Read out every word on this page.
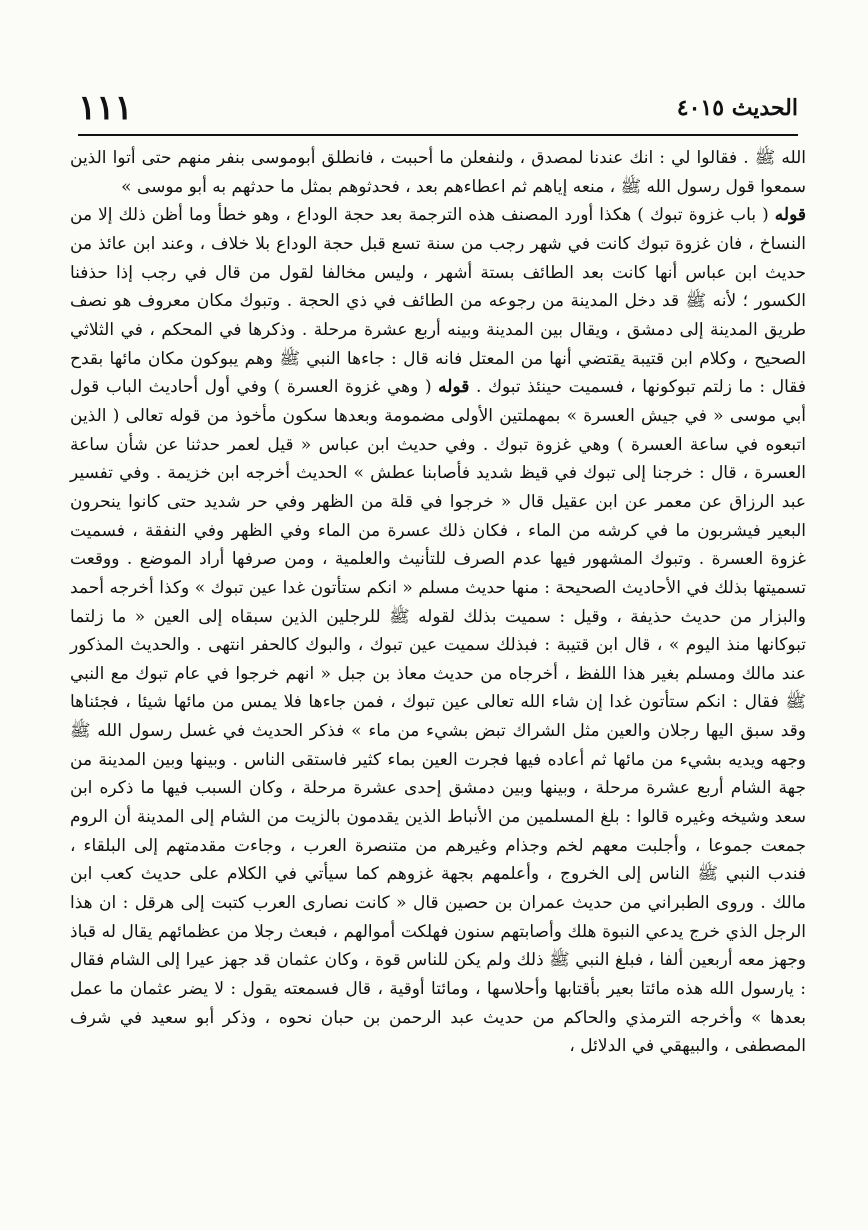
الحديث ٤٠١٥
١١١

الله ﷺ . فقالوا لي : انك عندنا لمصدق ، ولنفعلن ما أحببت ، فانطلق أبوموسى بنفر منهم حتى أتوا الذين سمعوا قول رسول الله ﷺ ، منعه إياهم ثم اعطاءهم بعد ، فحدثوهم بمثل ما حدثهم به أبو موسى »

قوله ( باب غزوة تبوك ) هكذا أورد المصنف هذه الترجمة بعد حجة الوداع ، وهو خطأ وما أظن ذلك إلا من النساخ ، فان غزوة تبوك كانت في شهر رجب من سنة تسع قبل حجة الوداع بلا خلاف ، وعند ابن عائذ من حديث ابن عباس أنها كانت بعد الطائف بستة أشهر ، وليس مخالفا لقول من قال في رجب إذا حذفنا الكسور ؛ لأنه ﷺ قد دخل المدينة من رجوعه من الطائف في ذي الحجة . وتبوك مكان معروف هو نصف طريق المدينة إلى دمشق ، ويقال بين المدينة وبينه أربع عشرة مرحلة . وذكرها في المحكم ، في الثلاثي الصحيح ، وكلام ابن قتيبة يقتضي أنها من المعتل فانه قال : جاءها النبي ﷺ وهم يبوكون مكان مائها بقدح فقال : ما زلتم تبوكونها ، فسميت حينئذ تبوك . قوله ( وهي غزوة العسرة ) وفي أول أحاديث الباب قول أبي موسى « في جيش العسرة » بمهملتين الأولى مضمومة وبعدها سكون مأخوذ من قوله تعالى ( الذين اتبعوه في ساعة العسرة ) وهي غزوة تبوك . وفي حديث ابن عباس « قيل لعمر حدثنا عن شأن ساعة العسرة ، قال : خرجنا إلى تبوك في قيظ شديد فأصابنا عطش » الحديث أخرجه ابن خزيمة . وفي تفسير عبد الرزاق عن معمر عن ابن عقيل قال « خرجوا في قلة من الظهر وفي حر شديد حتى كانوا ينحرون البعير فيشربون ما في كرشه من الماء ، فكان ذلك عسرة من الماء وفي الظهر وفي النفقة ، فسميت غزوة العسرة . وتبوك المشهور فيها عدم الصرف للتأنيث والعلمية ، ومن صرفها أراد الموضع . ووقعت تسميتها بذلك في الأحاديث الصحيحة : منها حديث مسلم « انكم ستأتون غدا عين تبوك » وكذا أخرجه أحمد والبزار من حديث حذيفة ، وقيل : سميت بذلك لقوله ﷺ للرجلين الذين سبقاه إلى العين « ما زلتما تبوكانها منذ اليوم » ، قال ابن قتيبة : فبذلك سميت عين تبوك ، والبوك كالحفر انتهى . والحديث المذكور عند مالك ومسلم بغير هذا اللفظ ، أخرجاه من حديث معاذ بن جبل « انهم خرجوا في عام تبوك مع النبي ﷺ فقال : انكم ستأتون غدا إن شاء الله تعالى عين تبوك ، فمن جاءها فلا يمس من مائها شيئا ، فجئناها وقد سبق اليها رجلان والعين مثل الشراك تبض بشيء من ماء » فذكر الحديث في غسل رسول الله ﷺ وجهه ويديه بشيء من مائها ثم أعاده فيها فجرت العين بماء كثير فاستقى الناس . وبينها وبين المدينة من جهة الشام أربع عشرة مرحلة ، وبينها وبين دمشق إحدى عشرة مرحلة ، وكان السبب فيها ما ذكره ابن سعد وشيخه وغيره قالوا : بلغ المسلمين من الأنباط الذين يقدمون بالزيت من الشام إلى المدينة أن الروم جمعت جموعا ، وأجلبت معهم لخم وجذام وغيرهم من متنصرة العرب ، وجاءت مقدمتهم إلى البلقاء ، فندب النبي ﷺ الناس إلى الخروج ، وأعلمهم بجهة غزوهم كما سيأتي في الكلام على حديث كعب ابن مالك . وروى الطبراني من حديث عمران بن حصين قال « كانت نصارى العرب كتبت إلى هرقل : ان هذا الرجل الذي خرج يدعي النبوة هلك وأصابتهم سنون فهلكت أموالهم ، فبعث رجلا من عظمائهم يقال له قباذ وجهز معه أربعين ألفا ، فبلغ النبي ﷺ ذلك ولم يكن للناس قوة ، وكان عثمان قد جهز عيرا إلى الشام فقال : يارسول الله هذه مائتا بعير بأقتابها وأحلاسها ، ومائتا أوقية ، قال فسمعته يقول : لا يضر عثمان ما عمل بعدها » وأخرجه الترمذي والحاكم من حديث عبد الرحمن بن حبان نحوه ، وذكر أبو سعيد في شرف المصطفى ، والبيهقي في الدلائل ،
